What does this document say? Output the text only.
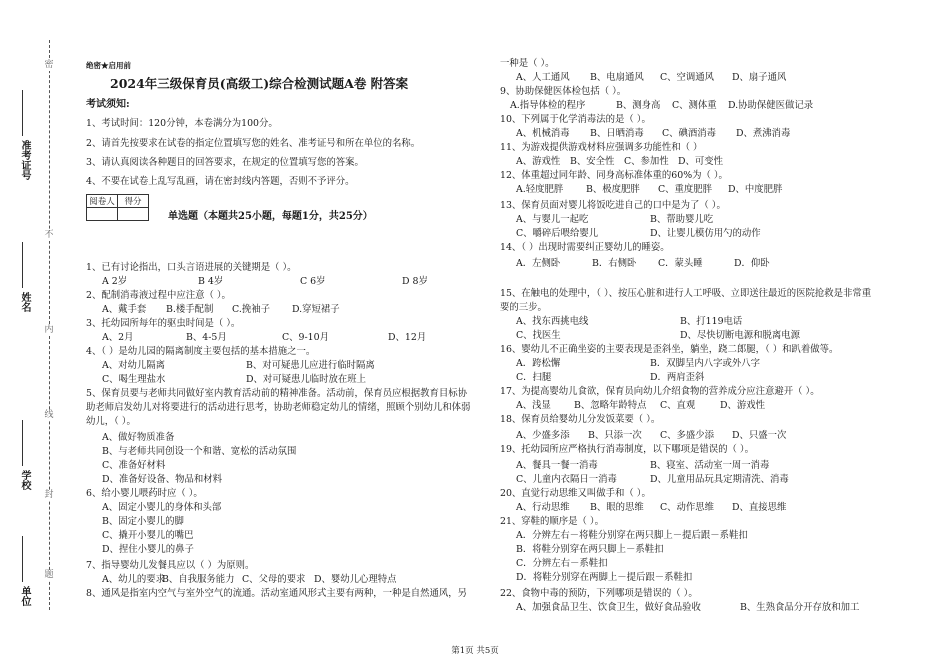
准考证号
姓名
学校
单位
密
不
内
线
封
题
绝密★启用前
2024年三级保育员(高级工)综合检测试题A卷 附答案
考试须知:
1、考试时间：120分钟，本卷满分为100分。
2、请首先按要求在试卷的指定位置填写您的姓名、准考证号和所在单位的名称。
3、请认真阅读各种题目的回答要求，在规定的位置填写您的答案。
4、不要在试卷上乱写乱画，请在密封线内答题，否则不予评分。
阅卷人	得分

单选题（本题共25小题，每题1分，共25分）
1、已有讨论指出，口头言语进展的关键期是（ ）。
A 2岁	B 4岁	C 6岁	D 8岁
2、配制消毒液过程中应注意（ ）。
A、戴手套 B.楼手配制 C.挽袖子 D.穿短裙子
3、托幼园所每年的驱虫时间是（ ）。
A、2月	B、4-5月	C、9-10月	D、12月
4、（ ）是幼儿园的隔离制度主要包括的基本措施之一。
A、对幼儿隔离	B、对可疑患儿应进行临时隔离
C、喝生理盐水	D、对可疑患儿临时放在班上
5、保育员要与老师共同做好室内教育活动前的精神准备。活动前，保育员应根据教育目标协
助老师启发幼儿对将要进行的活动进行思考，协助老师稳定幼儿的情绪，照顾个别幼儿和体弱
幼儿，（ ）。
A、做好物质准备
B、与老师共同创设一个和谐、宽松的活动氛围
C、准备好材料
D、准备好设备、物品和材料
6、给小婴儿喂药时应（ ）。
A、固定小婴儿的身体和头部
B、固定小婴儿的脚
C、撬开小婴儿的嘴巴
D、捏住小婴儿的鼻子
7、指导婴幼儿发餐具应以（ ）为原则。
A、幼儿的要求
B、自我服务能力 C、父母的要求 D、婴幼儿心理特点
8、通风是指室内空气与室外空气的流通。活动室通风形式主要有两种，一种是自然通风，另
一种是（ ）。
A、人工通风 B、电扇通风 C、空调通风 D、扇子通风
9、协助保健医体检包括（ ）。
A.指导体检的程序	B、测身高 C、测体重 D.协助保健医做记录
10、下列属于化学消毒法的是（ ）。
A、机械消毒 B、日晒消毒 C、碘酒消毒 D、煮沸消毒
11、为游戏提供游戏材料应强调多功能性和（ ）
A、游戏性 B、安全性 C、参加性 D、可变性
12、体重超过同年龄、同身高标准体重的60%为（ ）。
A.轻度肥胖 B、极度肥胖 C、重度肥胖 D、中度肥胖
13、保育员面对婴儿将饭吃进自己的口中是为了（ ）。
A、与婴儿一起吃	B、帮助婴儿吃
C、嚼碎后喂给婴儿	D、让婴儿模仿用勺的动作
14、（ ）出现时需要纠正婴幼儿的睡姿。
A．左侧卧	B．右侧卧 C．蒙头睡	D．仰卧
15、在触电的处理中，（ ）、按压心脏和进行人工呼吸、立即送往最近的医院抢救是非常重
要的三步。
A、找东西挑电线	B、打119电话
C、找医生	D、尽快切断电源和脱离电源
16、婴幼儿不正确坐姿的主要表现是歪斜坐，躺坐，跷二郎腿，（ ）和趴着做等。
A．跨松懈	B．双脚呈内八字或外八字
C．扫腿	D．两肩歪斜
17、为提高婴幼儿食欲，保育员向幼儿介绍食物的营养成分应注意避开（ ）。
A、浅显 B、忽略年龄特点 C、直观	D、游戏性
18、保育员给婴幼儿分发饭菜要（ ）。
A、少盛多添 B、只添一次 C、多盛少添 D、只盛一次
19、托幼园所应严格执行消毒制度，以下哪项是错误的（ ）。
A、餐具一餐一消毒	B、寝室、活动室一周一消毒
C、儿童内衣隔日一消毒	D、儿童用品玩具定期清洗、消毒
20、直觉行动思维又叫做手和（ ）。
A、行动思维 B、眼的思维 C、动作思维 D、直接思维
21、穿鞋的顺序是（ ）。
A．分辨左右－将鞋分别穿在两只脚上－提后跟－系鞋扣
B．将鞋分别穿在两只脚上－系鞋扣
C．分辨左右－系鞋扣
D．将鞋分别穿在两脚上－提后跟－系鞋扣
22、食物中毒的预防，下列哪项是错误的（ ）。
A、加强食品卫生、饮食卫生，做好食品验收	B、生熟食品分开存放和加工
第1页 共5页
